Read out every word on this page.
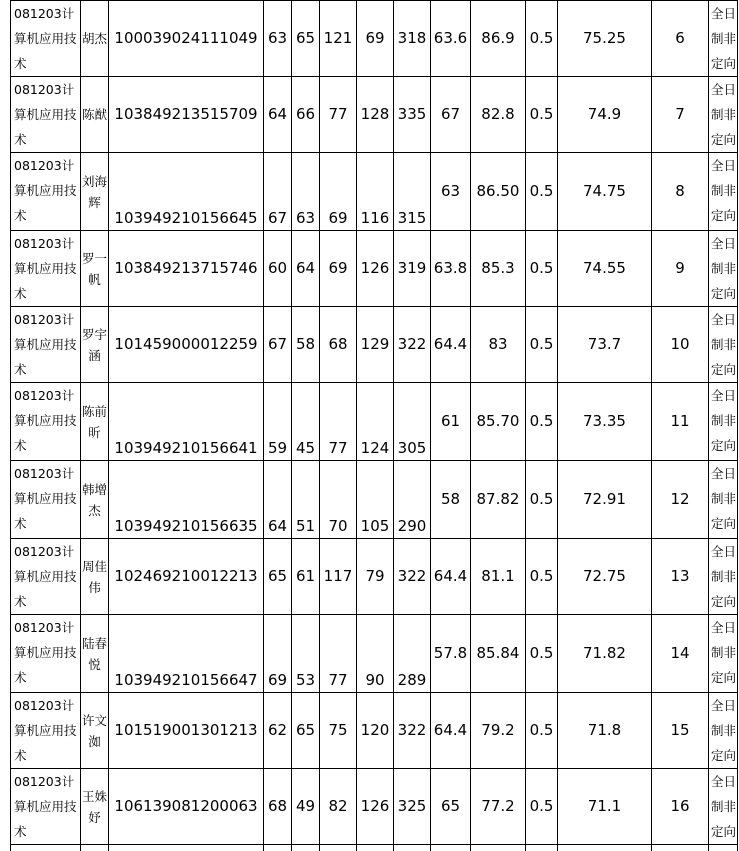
081203计算机应用技术	胡杰	100039024111049	63	65	121	69	318	63.6	86.9	0.5	75.25	6	全日制非定向
081203计算机应用技术	陈猷	103849213515709	64	66	77	128	335	67	82.8	0.5	74.9	7	全日制非定向
081203计算机应用技术	刘海辉	103949210156645	67	63	69	116	315	63	86.50	0.5	74.75	8	全日制非定向
081203计算机应用技术	罗一帆	103849213715746	60	64	69	126	319	63.8	85.3	0.5	74.55	9	全日制非定向
081203计算机应用技术	罗宇涵	101459000012259	67	58	68	129	322	64.4	83	0.5	73.7	10	全日制非定向
081203计算机应用技术	陈前昕	103949210156641	59	45	77	124	305	61	85.70	0.5	73.35	11	全日制非定向
081203计算机应用技术	韩增杰	103949210156635	64	51	70	105	290	58	87.82	0.5	72.91	12	全日制非定向
081203计算机应用技术	周佳伟	102469210012213	65	61	117	79	322	64.4	81.1	0.5	72.75	13	全日制非定向
081203计算机应用技术	陆春悦	103949210156647	69	53	77	90	289	57.8	85.84	0.5	71.82	14	全日制非定向
081203计算机应用技术	许文洳	101519001301213	62	65	75	120	322	64.4	79.2	0.5	71.8	15	全日制非定向
081203计算机应用技术	王姝妤	106139081200063	68	49	82	126	325	65	77.2	0.5	71.1	16	全日制非定向
